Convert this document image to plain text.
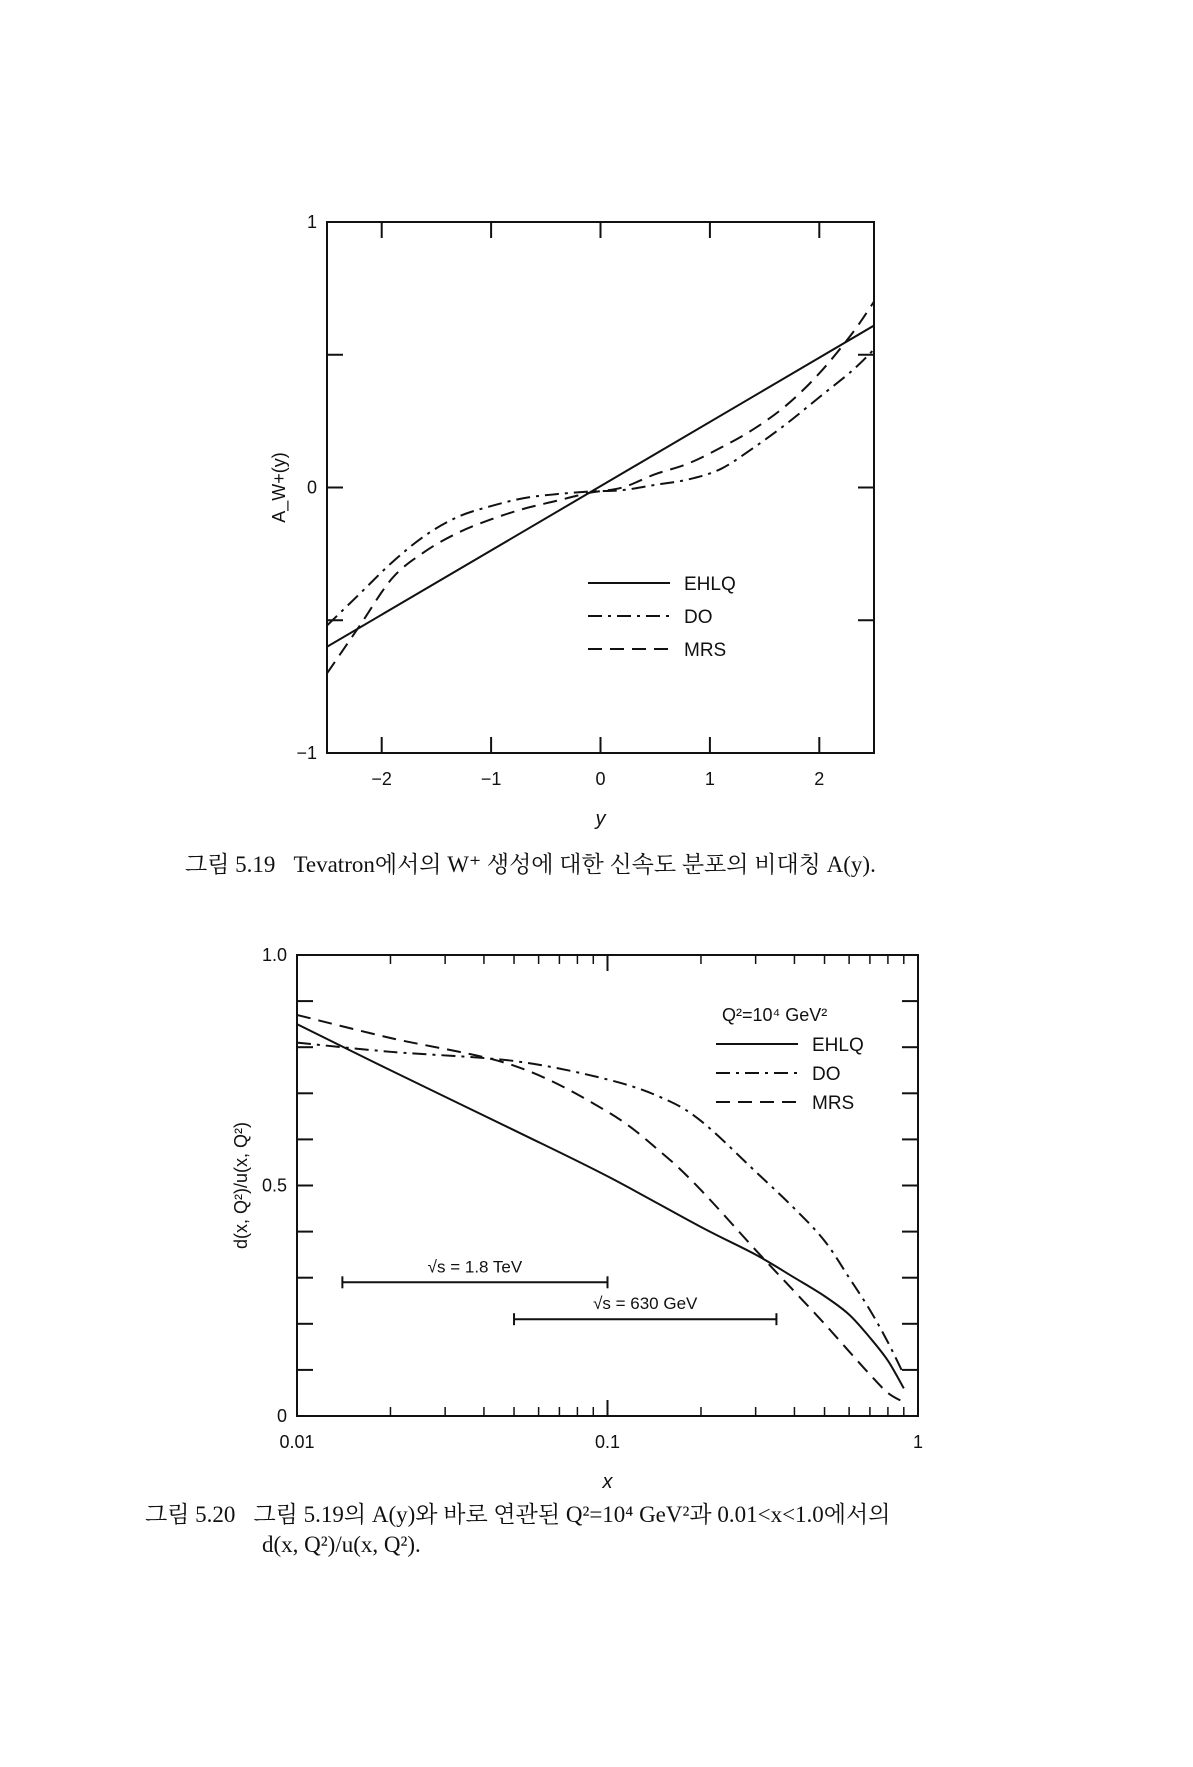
−2	−1	0	1	2
−1
0
1
y
A_W+(y)
EHLQ
DO
MRS
0.01	0.1	1
0
0.5
1.0
x
d(x, Q²)/u(x, Q²)
Q²=10⁴ GeV²
EHLQ
DO
MRS
√s = 1.8 TeV
√s = 630 GeV
그림 5.19 Tevatron에서의 W⁺ 생성에 대한 신속도 분포의 비대칭 A(y).
그림 5.20 그림 5.19의 A(y)와 바로 연관된 Q²=10⁴ GeV²과 0.01<x<1.0에서의
d(x, Q²)/u(x, Q²).
